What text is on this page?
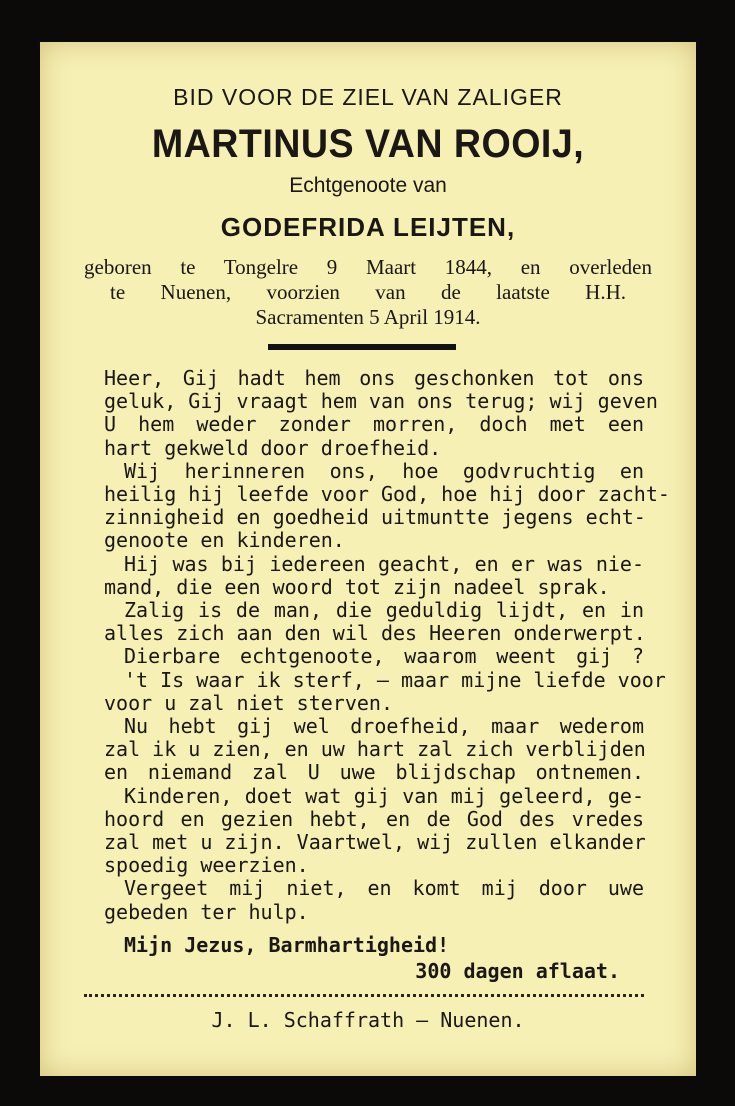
BID VOOR DE ZIEL VAN ZALIGER
MARTINUS VAN ROOIJ,
Echtgenoote van
GODEFRIDA LEIJTEN,
geboren te Tongelre 9 Maart 1844, en overleden
te Nuenen, voorzien van de laatste H.H.
Sacramenten 5 April 1914.
Heer, Gij hadt hem ons geschonken tot ons
geluk, Gij vraagt hem van ons terug; wij geven
U hem weder zonder morren, doch met een
hart gekweld door droefheid.
Wij herinneren ons, hoe godvruchtig en
heilig hij leefde voor God, hoe hij door zacht-
zinnigheid en goedheid uitmuntte jegens echt-
genoote en kinderen.
Hij was bij iedereen geacht, en er was nie-
mand, die een woord tot zijn nadeel sprak.
Zalig is de man, die geduldig lijdt, en in
alles zich aan den wil des Heeren onderwerpt.
Dierbare echtgenoote, waarom weent gij ?
't Is waar ik sterf, — maar mijne liefde voor
voor u zal niet sterven.
Nu hebt gij wel droefheid, maar wederom
zal ik u zien, en uw hart zal zich verblijden
en niemand zal U uwe blijdschap ontnemen.
Kinderen, doet wat gij van mij geleerd, ge-
hoord en gezien hebt, en de God des vredes
zal met u zijn. Vaartwel, wij zullen elkander
spoedig weerzien.
Vergeet mij niet, en komt mij door uwe
gebeden ter hulp.
Mijn Jezus, Barmhartigheid!
300 dagen aflaat.
J. L. Schaffrath — Nuenen.
